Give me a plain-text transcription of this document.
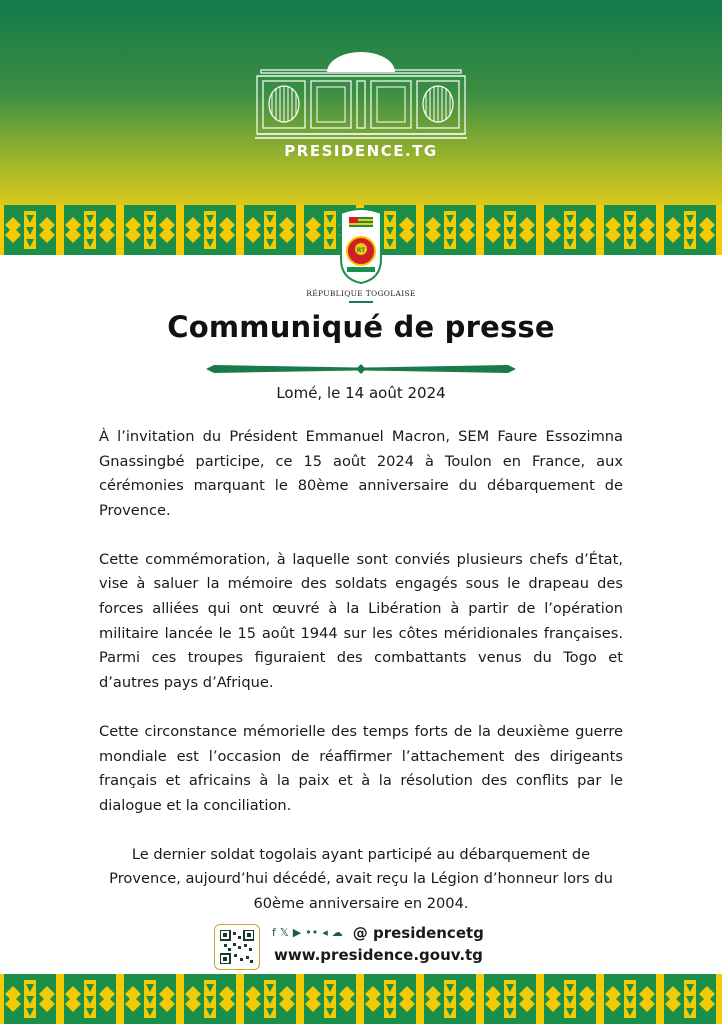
PRESIDENCE.TG
RT
RÉPUBLIQUE TOGOLAISE
Communiqué de presse
Lomé, le 14 août 2024

À l’invitation du Président Emmanuel Macron, SEM Faure Essozimna Gnassingbé participe, ce 15 août 2024 à Toulon en France, aux cérémonies marquant le 80ème anniversaire du débarquement de Provence.

Cette commémoration, à laquelle sont conviés plusieurs chefs d’État, vise à saluer la mémoire des soldats engagés sous le drapeau des forces alliées qui ont œuvré à la Libération à partir de l’opération militaire lancée le 15 août 1944 sur les côtes méridionales françaises. Parmi ces troupes figuraient des combattants venus du Togo et d’autres pays d’Afrique.

Cette circonstance mémorielle des temps forts de la deuxième guerre mondiale est l’occasion de réaffirmer l’attachement des dirigeants français et africains à la paix et à la résolution des conflits par le dialogue et la conciliation.

Le dernier soldat togolais ayant participé au débarquement de Provence, aujourd’hui décédé, avait reçu la Légion d’honneur lors du 60ème anniversaire en 2004.

f 𝕏 ▶ •• ◂ ☁ @ presidencetg
www.presidence.gouv.tg
